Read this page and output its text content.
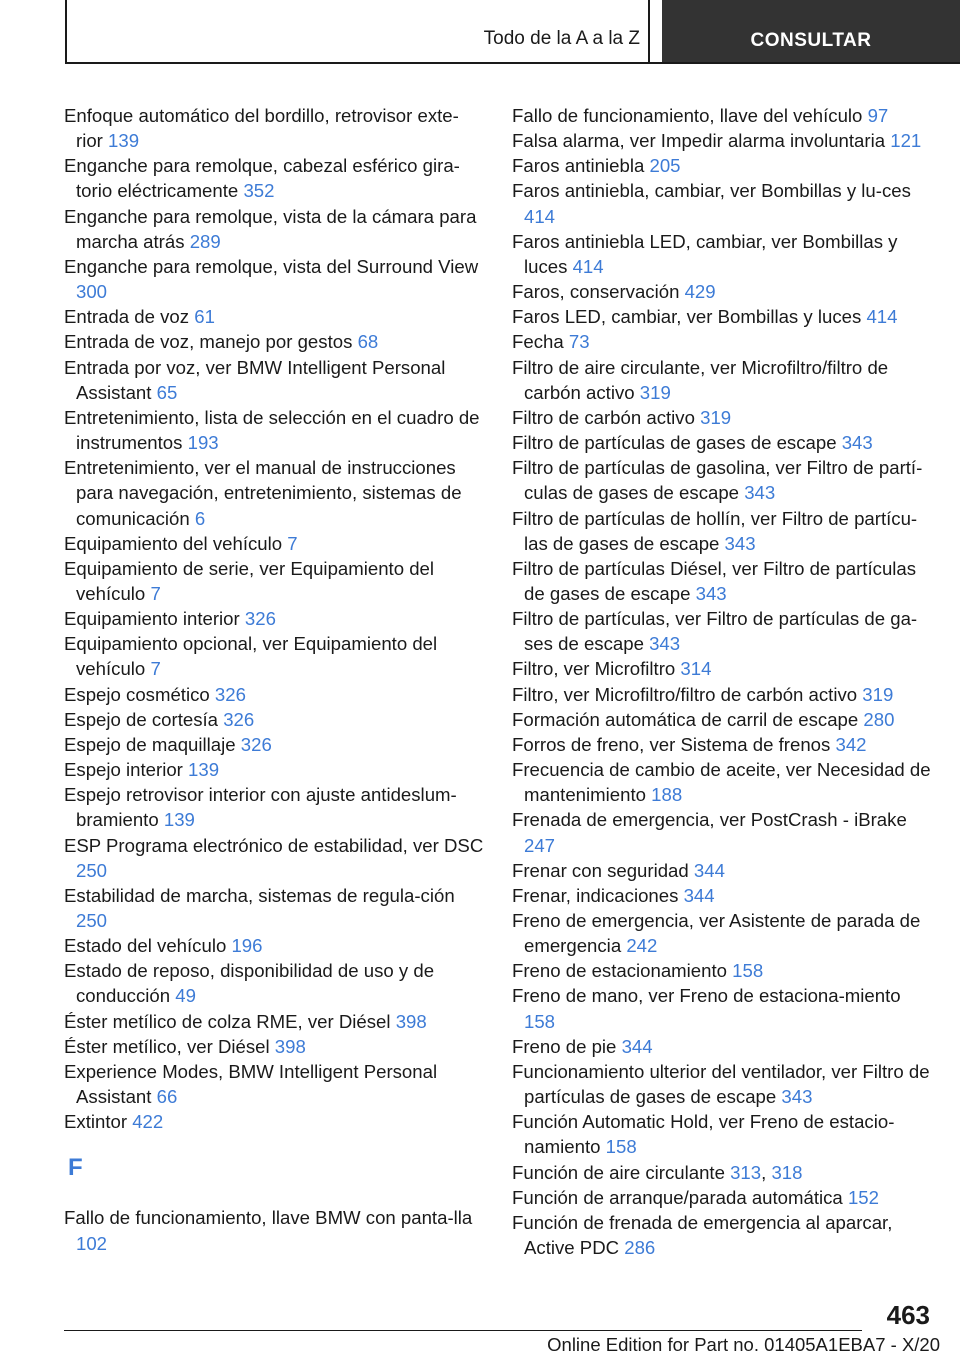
Todo de la A a la Z	CONSULTAR

Enfoque automático del bordillo, retrovisor exte-rior 139

Enganche para remolque, cabezal esférico gira-torio eléctricamente 352

Enganche para remolque, vista de la cámara para marcha atrás 289

Enganche para remolque, vista del Surround View 300

Entrada de voz 61

Entrada de voz, manejo por gestos 68

Entrada por voz, ver BMW Intelligent Personal Assistant 65

Entretenimiento, lista de selección en el cuadro de instrumentos 193

Entretenimiento, ver el manual de instrucciones para navegación, entretenimiento, sistemas de comunicación 6

Equipamiento del vehículo 7

Equipamiento de serie, ver Equipamiento del vehículo 7

Equipamiento interior 326

Equipamiento opcional, ver Equipamiento del vehículo 7

Espejo cosmético 326

Espejo de cortesía 326

Espejo de maquillaje 326

Espejo interior 139

Espejo retrovisor interior con ajuste antideslum-bramiento 139

ESP Programa electrónico de estabilidad, ver DSC 250

Estabilidad de marcha, sistemas de regula-ción 250

Estado del vehículo 196

Estado de reposo, disponibilidad de uso y de conducción 49

Éster metílico de colza RME, ver Diésel 398

Éster metílico, ver Diésel 398

Experience Modes, BMW Intelligent Personal Assistant 66

Extintor 422

F

Fallo de funcionamiento, llave BMW con panta-lla 102

Fallo de funcionamiento, llave del vehículo 97

Falsa alarma, ver Impedir alarma involuntaria 121

Faros antiniebla 205

Faros antiniebla, cambiar, ver Bombillas y lu-ces 414

Faros antiniebla LED, cambiar, ver Bombillas y luces 414

Faros, conservación 429

Faros LED, cambiar, ver Bombillas y luces 414

Fecha 73

Filtro de aire circulante, ver Microfiltro/filtro de carbón activo 319

Filtro de carbón activo 319

Filtro de partículas de gases de escape 343

Filtro de partículas de gasolina, ver Filtro de partí-culas de gases de escape 343

Filtro de partículas de hollín, ver Filtro de partícu-las de gases de escape 343

Filtro de partículas Diésel, ver Filtro de partículas de gases de escape 343

Filtro de partículas, ver Filtro de partículas de ga-ses de escape 343

Filtro, ver Microfiltro 314

Filtro, ver Microfiltro/filtro de carbón activo 319

Formación automática de carril de escape 280

Forros de freno, ver Sistema de frenos 342

Frecuencia de cambio de aceite, ver Necesidad de mantenimiento 188

Frenada de emergencia, ver PostCrash - iBrake 247

Frenar con seguridad 344

Frenar, indicaciones 344

Freno de emergencia, ver Asistente de parada de emergencia 242

Freno de estacionamiento 158

Freno de mano, ver Freno de estaciona-miento 158

Freno de pie 344

Funcionamiento ulterior del ventilador, ver Filtro de partículas de gases de escape 343

Función Automatic Hold, ver Freno de estacio-namiento 158

Función de aire circulante 313, 318

Función de arranque/parada automática 152

Función de frenada de emergencia al aparcar, Active PDC 286

463
Online Edition for Part no. 01405A1EBA7 - X/20
